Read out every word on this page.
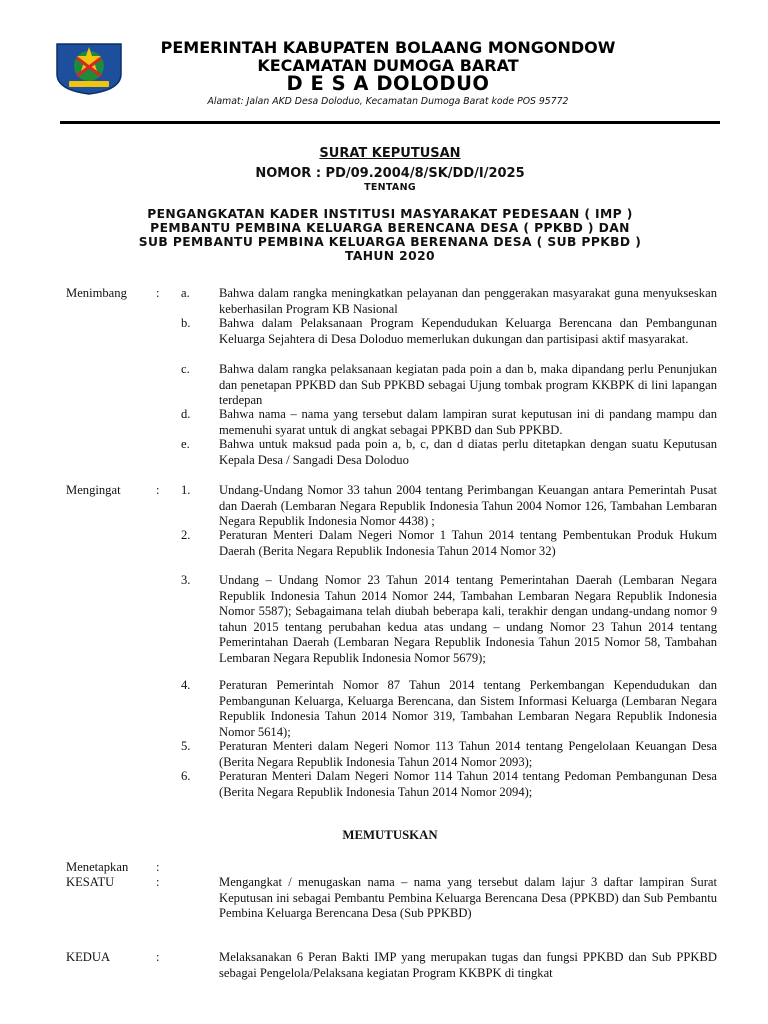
PEMERINTAH KABUPATEN BOLAANG MONGONDOW
KECAMATAN DUMOGA BARAT
D E S A DOLODUO
Alamat: Jalan AKD Desa Doloduo, Kecamatan Dumoga Barat kode POS 95772
SURAT KEPUTUSAN
NOMOR : PD/09.2004/8/SK/DD/I/2025
TENTANG
PENGANGKATAN KADER INSTITUSI MASYARAKAT PEDESAAN ( IMP )
PEMBANTU PEMBINA KELUARGA BERENCANA DESA ( PPKBD ) DAN
SUB PEMBANTU PEMBINA KELUARGA BERENANA DESA ( SUB PPKBD )
TAHUN 2020
Menimbang : a.	Bahwa dalam rangka meningkatkan pelayanan dan penggerakan masyarakat guna menyukseskan keberhasilan Program KB Nasional
b.	Bahwa dalam Pelaksanaan Program Kependudukan Keluarga Berencana dan Pembangunan Keluarga Sejahtera di Desa Doloduo memerlukan dukungan dan partisipasi aktif masyarakat.
c.	Bahwa dalam rangka pelaksanaan kegiatan pada poin a dan b, maka dipandang perlu Penunjukan dan penetapan PPKBD dan Sub PPKBD sebagai Ujung tombak program KKBPK di lini lapangan terdepan
d.	Bahwa nama – nama yang tersebut dalam lampiran surat keputusan ini di pandang mampu dan memenuhi syarat untuk di angkat sebagai PPKBD dan Sub PPKBD.
e.	Bahwa untuk maksud pada poin a, b, c, dan d diatas perlu ditetapkan dengan suatu Keputusan Kepala Desa / Sangadi Desa Doloduo
Mengingat	: 1.	Undang-Undang Nomor 33 tahun 2004 tentang Perimbangan Keuangan antara Pemerintah Pusat dan Daerah (Lembaran Negara Republik Indonesia Tahun 2004 Nomor 126, Tambahan Lembaran Negara Republik Indonesia Nomor 4438) ;
2.	Peraturan Menteri Dalam Negeri Nomor 1 Tahun 2014 tentang Pembentukan Produk Hukum Daerah (Berita Negara Republik Indonesia Tahun 2014 Nomor 32)
3.	Undang – Undang Nomor 23 Tahun 2014 tentang Pemerintahan Daerah (Lembaran Negara Republik Indonesia Tahun 2014 Nomor 244, Tambahan Lembaran Negara Republik Indonesia Nomor 5587); Sebagaimana telah diubah beberapa kali, terakhir dengan undang-undang nomor 9 tahun 2015 tentang perubahan kedua atas undang – undang Nomor 23 Tahun 2014 tentang Pemerintahan Daerah (Lembaran Negara Republik Indonesia Tahun 2015 Nomor 58, Tambahan Lembaran Negara Republik Indonesia Nomor 5679);
4.	Peraturan Pemerintah Nomor 87 Tahun 2014 tentang Perkembangan Kependudukan dan Pembangunan Keluarga, Keluarga Berencana, dan Sistem Informasi Keluarga (Lembaran Negara Republik Indonesia Tahun 2014 Nomor 319, Tambahan Lembaran Negara Republik Indonesia Nomor 5614);
5.	Peraturan Menteri dalam Negeri Nomor 113 Tahun 2014 tentang Pengelolaan Keuangan Desa (Berita Negara Republik Indonesia Tahun 2014 Nomor 2093);
6.	Peraturan Menteri Dalam Negeri Nomor 114 Tahun 2014 tentang Pedoman Pembangunan Desa (Berita Negara Republik Indonesia Tahun 2014 Nomor 2094);
MEMUTUSKAN
Menetapkan :
KESATU	:	Mengangkat / menugaskan nama – nama yang tersebut dalam lajur 3 daftar lampiran Surat Keputusan ini sebagai Pembantu Pembina Keluarga Berencana Desa (PPKBD) dan Sub Pembantu Pembina Keluarga Berencana Desa (Sub PPKBD)
KEDUA	:	Melaksanakan 6 Peran Bakti IMP yang merupakan tugas dan fungsi PPKBD dan Sub PPKBD sebagai Pengelola/Pelaksana kegiatan Program KKBPK di tingkat
